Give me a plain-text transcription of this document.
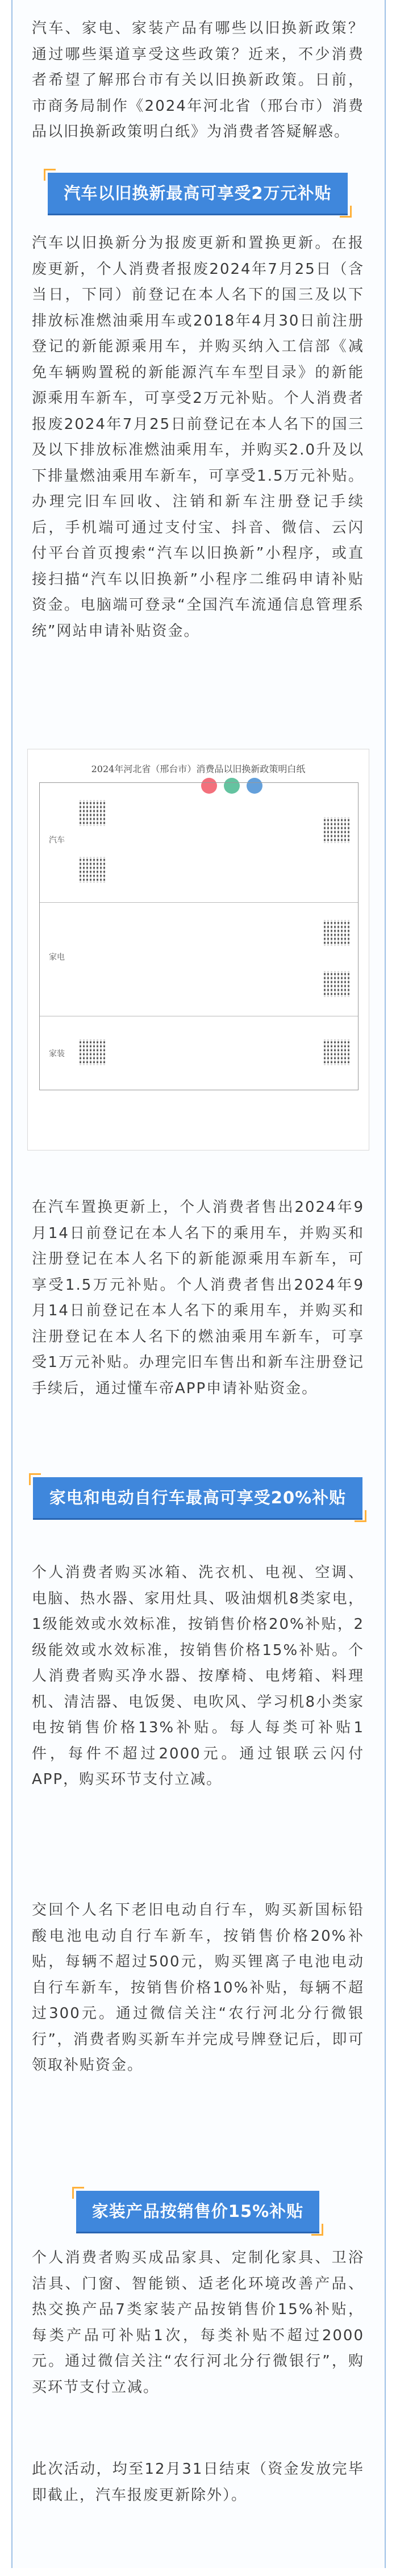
汽车、家电、家装产品有哪些以旧换新政策？通过哪些渠道享受这些政策？近来，不少消费者希望了解邢台市有关以旧换新政策。日前，市商务局制作《2024年河北省（邢台市）消费品以旧换新政策明白纸》为消费者答疑解惑。
汽车以旧换新最高可享受2万元补贴
汽车以旧换新分为报废更新和置换更新。在报废更新，个人消费者报废2024年7月25日（含当日，下同）前登记在本人名下的国三及以下排放标准燃油乘用车或2018年4月30日前注册登记的新能源乘用车，并购买纳入工信部《减免车辆购置税的新能源汽车车型目录》的新能源乘用车新车，可享受2万元补贴。个人消费者报废2024年7月25日前登记在本人名下的国三及以下排放标准燃油乘用车，并购买2.0升及以下排量燃油乘用车新车，可享受1.5万元补贴。办理完旧车回收、注销和新车注册登记手续后，手机端可通过支付宝、抖音、微信、云闪付平台首页搜索“汽车以旧换新”小程序，或直接扫描“汽车以旧换新”小程序二维码申请补贴资金。电脑端可登录“全国汽车流通信息管理系统”网站申请补贴资金。
2024年河北省（邢台市）消费品以旧换新政策明白纸
汽车
家电
家装
在汽车置换更新上，个人消费者售出2024年9月14日前登记在本人名下的乘用车，并购买和注册登记在本人名下的新能源乘用车新车，可享受1.5万元补贴。个人消费者售出2024年9月14日前登记在本人名下的乘用车，并购买和注册登记在本人名下的燃油乘用车新车，可享受1万元补贴。办理完旧车售出和新车注册登记手续后，通过懂车帝APP申请补贴资金。
家电和电动自行车最高可享受20%补贴
个人消费者购买冰箱、洗衣机、电视、空调、电脑、热水器、家用灶具、吸油烟机8类家电，1级能效或水效标准，按销售价格20%补贴，2级能效或水效标准，按销售价格15%补贴。个人消费者购买净水器、按摩椅、电烤箱、料理机、清洁器、电饭煲、电吹风、学习机8小类家电按销售价格13%补贴。每人每类可补贴1件，每件不超过2000元。通过银联云闪付APP，购买环节支付立减。
交回个人名下老旧电动自行车，购买新国标铅酸电池电动自行车新车，按销售价格20%补贴，每辆不超过500元，购买锂离子电池电动自行车新车，按销售价格10%补贴，每辆不超过300元。通过微信关注“农行河北分行微银行”，消费者购买新车并完成号牌登记后，即可领取补贴资金。
家装产品按销售价15%补贴
个人消费者购买成品家具、定制化家具、卫浴洁具、门窗、智能锁、适老化环境改善产品、热交换产品7类家装产品按销售价15%补贴，每类产品可补贴1次，每类补贴不超过2000元。通过微信关注“农行河北分行微银行”，购买环节支付立减。
此次活动，均至12月31日结束（资金发放完毕即截止，汽车报废更新除外）。
